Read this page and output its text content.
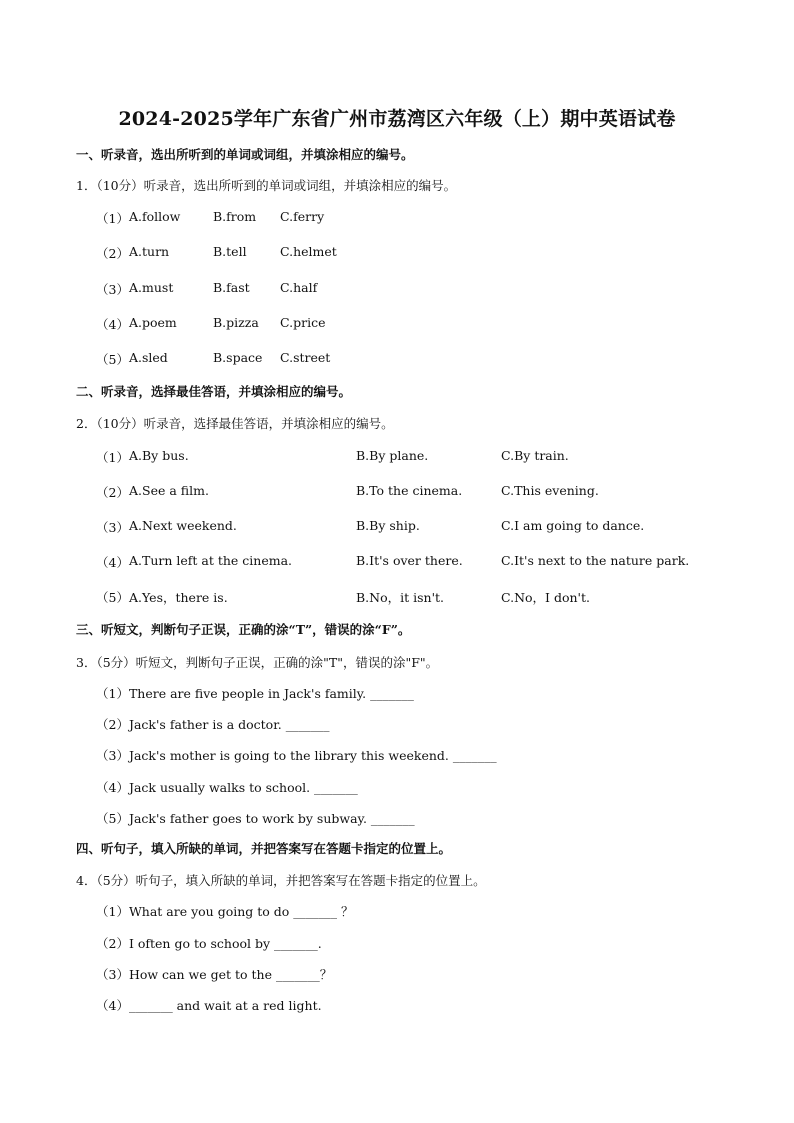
2024-2025学年广东省广州市荔湾区六年级（上）期中英语试卷
一、听录音，选出所听到的单词或词组，并填涂相应的编号。
1．（10分）听录音，选出所听到的单词或词组，并填涂相应的编号。
（1） A.follow	B.from C.ferry
（2） A.turn	B.tell	C.helmet
（3） A.must	B.fast C.half
（4） A.poem	B.pizza C.price
（5） A.sled	B.space C.street
二、听录音，选择最佳答语，并填涂相应的编号。
2．（10分）听录音，选择最佳答语，并填涂相应的编号。
（1） A.By bus.	B.By plane.	C.By train.
（2） A.See a film.	B.To the cinema.	C.This evening.
（3） A.Next weekend.	B.By ship.	C.I am going to dance.
（4） A.Turn left at the cinema.	B.It's over there.	C.It's next to the nature park.
（5） A.Yes，there is.	B.No，it isn't.	C.No，I don't.
三、听短文，判断句子正误，正确的涂“T”，错误的涂“F”。
3．（5分）听短文，判断句子正误，正确的涂"T"，错误的涂"F"。
（1）There are five people in Jack's family. _______
（2）Jack's father is a doctor. _______
（3）Jack's mother is going to the library this weekend. _______
（4）Jack usually walks to school. _______
（5）Jack's father goes to work by subway. _______
四、听句子，填入所缺的单词，并把答案写在答题卡指定的位置上。
4．（5分）听句子，填入所缺的单词，并把答案写在答题卡指定的位置上。
（1）What are you going to do _______ ？
（2）I often go to school by _______.
（3）How can we get to the _______？
（4）_______ and wait at a red light.
